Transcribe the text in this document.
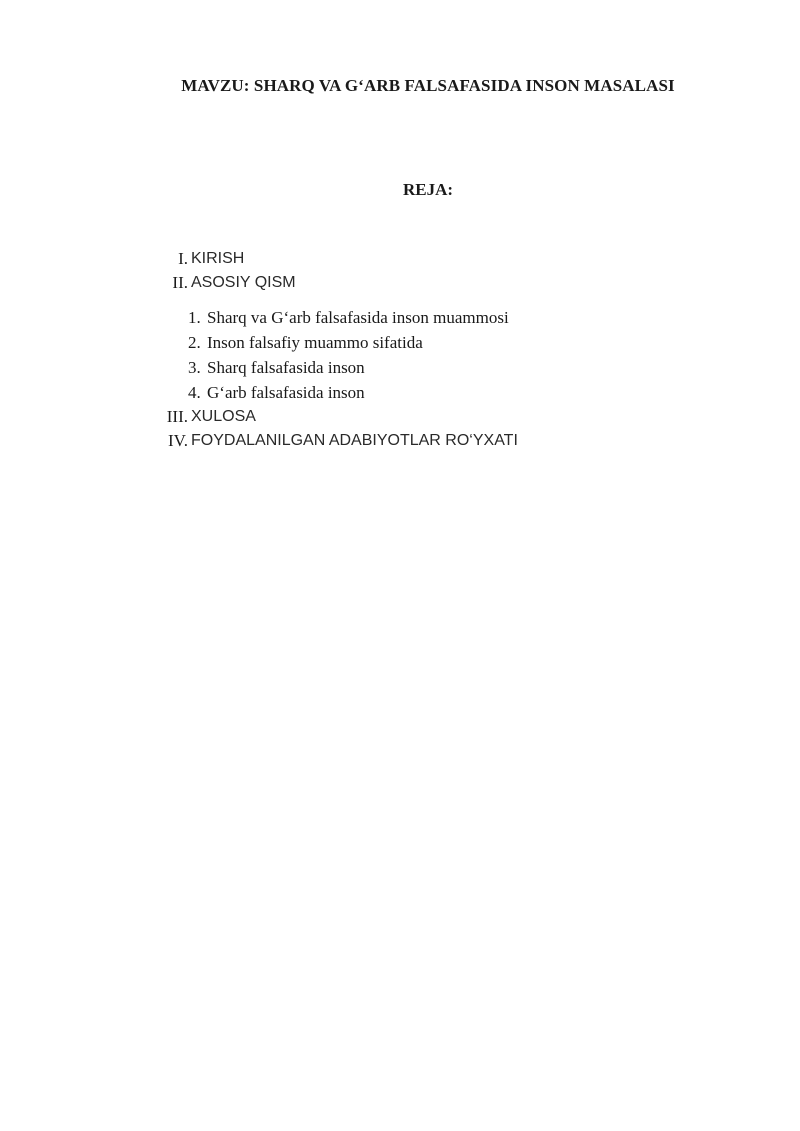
MAVZU: SHARQ VA G‘ARB FALSAFASIDA INSON MASALASI
REJA:
I. KIRISH
II. ASOSIY QISM
1. Sharq va G‘arb falsafasida inson muammosi
2. Inson falsafiy muammo sifatida
3. Sharq falsafasida inson
4. G‘arb falsafasida inson
III. XULOSA
IV. FOYDALANILGAN ADABIYOTLAR RO‘YXATI
